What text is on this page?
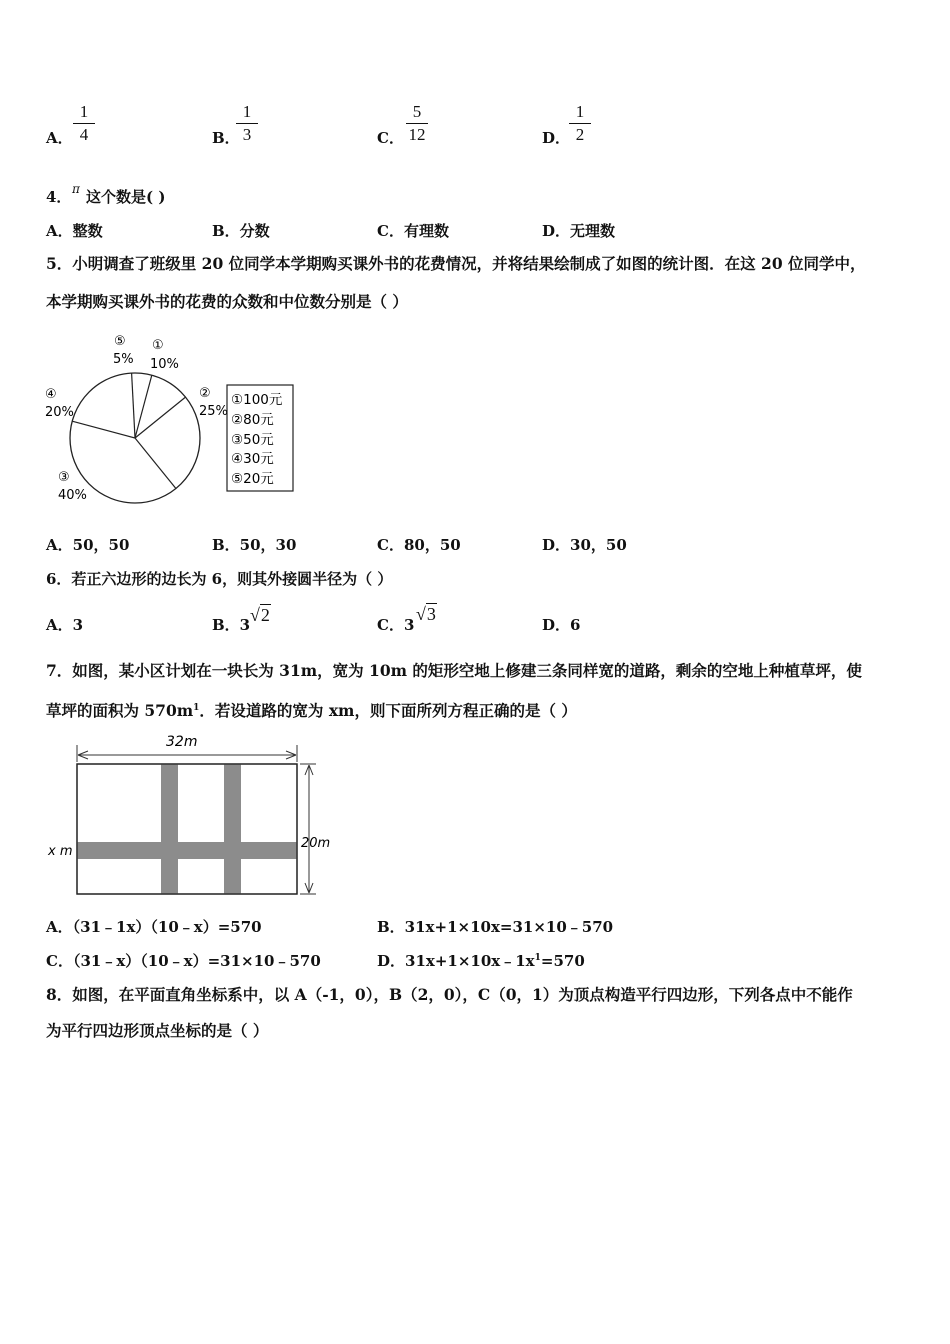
A．
1
4	B．
1
3	C．
5
12	D．
1
2
4． π 这个数是( )
A．整数	B．分数	C．有理数	D．无理数
5．小明调查了班级里 20 位同学本学期购买课外书的花费情况，并将结果绘制成了如图的统计图．在这 20 位同学中，
本学期购买课外书的花费的众数和中位数分别是（ ）
⑤
5%
①
10%
②
25%
④
20%
③
40%
①100元
②80元
③50元
④30元
⑤20元
A．50，50	B．50，30	C．80，50	D．30，50
6．若正六边形的边长为 6，则其外接圆半径为（ ）
A．3	B．3 √2	C．3
√3
D．6
7．如图，某小区计划在一块长为 31m，宽为 10m 的矩形空地上修建三条同样宽的道路，剩余的空地上种植草坪，使
草坪的面积为 $570m^1$．若设道路的宽为 xm，则下面所列方程正确的是（ ）
32m
20m
x m
A．（31﹣1x）（10﹣x）=570	B．31x+1×10x=31×10﹣570
C．（31﹣x）（10﹣x）=31×10﹣570	D．$31x+1\times 10x﹣1x^1=570$
8．如图，在平面直角坐标系中，以 A（-1，0），B（2，0），C（0，1）为顶点构造平行四边形，下列各点中不能作
为平行四边形顶点坐标的是（ ）
